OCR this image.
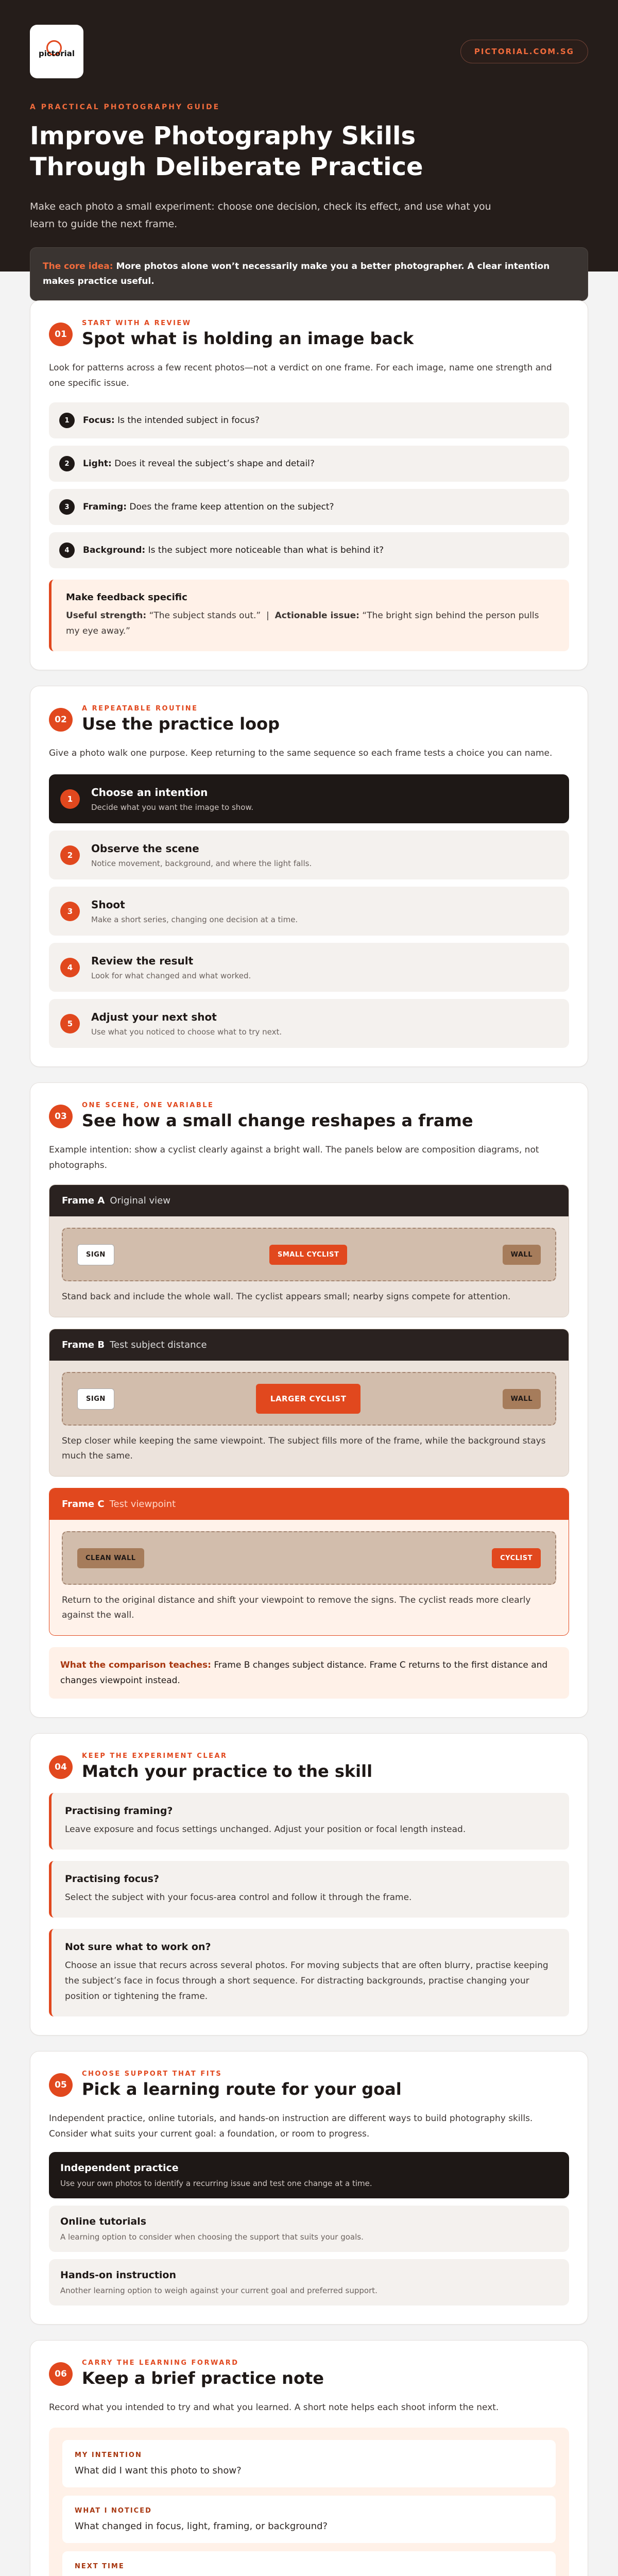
pictorial	PICTORIAL.COM.SG
A PRACTICAL PHOTOGRAPHY GUIDE
Improve Photography Skills Through Deliberate Practice

Make each photo a small experiment: choose one decision, check its effect, and use what you learn to guide the next frame.

The core idea: More photos alone won’t necessarily make you a better photographer. A clear intention makes practice useful.
01
START WITH A REVIEW
Spot what is holding an image back

Look for patterns across a few recent photos—not a verdict on one frame. For each image, name one strength and one specific issue.

1	Focus: Is the intended subject in focus?
2	Light: Does it reveal the subject’s shape and detail?
3	Framing: Does the frame keep attention on the subject?
4	Background: Is the subject more noticeable than what is behind it?
Make feedback specific
Useful strength: “The subject stands out.” | Actionable issue: “The bright sign behind the person pulls my eye away.”
02
A REPEATABLE ROUTINE
Use the practice loop

Give a photo walk one purpose. Keep returning to the same sequence so each frame tests a choice you can name.

1
Choose an intention
Decide what you want the image to show.
2
Observe the scene
Notice movement, background, and where the light falls.
3
Shoot
Make a short series, changing one decision at a time.
4
Review the result
Look for what changed and what worked.
5
Adjust your next shot
Use what you noticed to choose what to try next.
03
ONE SCENE, ONE VARIABLE
See how a small change reshapes a frame

Example intention: show a cyclist clearly against a bright wall. The panels below are composition diagrams, not photographs.

Frame A Original view
SIGN	SMALL CYCLIST	WALL

Stand back and include the whole wall. The cyclist appears small; nearby signs compete for attention.

Frame B Test subject distance
SIGN	LARGER CYCLIST	WALL

Step closer while keeping the same viewpoint. The subject fills more of the frame, while the background stays much the same.

Frame C Test viewpoint
CLEAN WALL	CYCLIST

Return to the original distance and shift your viewpoint to remove the signs. The cyclist reads more clearly against the wall.

What the comparison teaches: Frame B changes subject distance. Frame C returns to the first distance and changes viewpoint instead.
04
KEEP THE EXPERIMENT CLEAR
Match your practice to the skill
Practising framing?
Leave exposure and focus settings unchanged. Adjust your position or focal length instead.
Practising focus?
Select the subject with your focus-area control and follow it through the frame.
Not sure what to work on?
Choose an issue that recurs across several photos. For moving subjects that are often blurry, practise keeping the subject’s face in focus through a short sequence. For distracting backgrounds, practise changing your position or tightening the frame.
05
CHOOSE SUPPORT THAT FITS
Pick a learning route for your goal

Independent practice, online tutorials, and hands-on instruction are different ways to build photography skills. Consider what suits your current goal: a foundation, or room to progress.

Independent practice
Use your own photos to identify a recurring issue and test one change at a time.
Online tutorials
A learning option to consider when choosing the support that suits your goals.
Hands-on instruction
Another learning option to weigh against your current goal and preferred support.
06
CARRY THE LEARNING FORWARD
Keep a brief practice note

Record what you intended to try and what you learned. A short note helps each shoot inform the next.

MY INTENTION
What did I want this photo to show?
WHAT I NOTICED
What changed in focus, light, framing, or background?
NEXT TIME
